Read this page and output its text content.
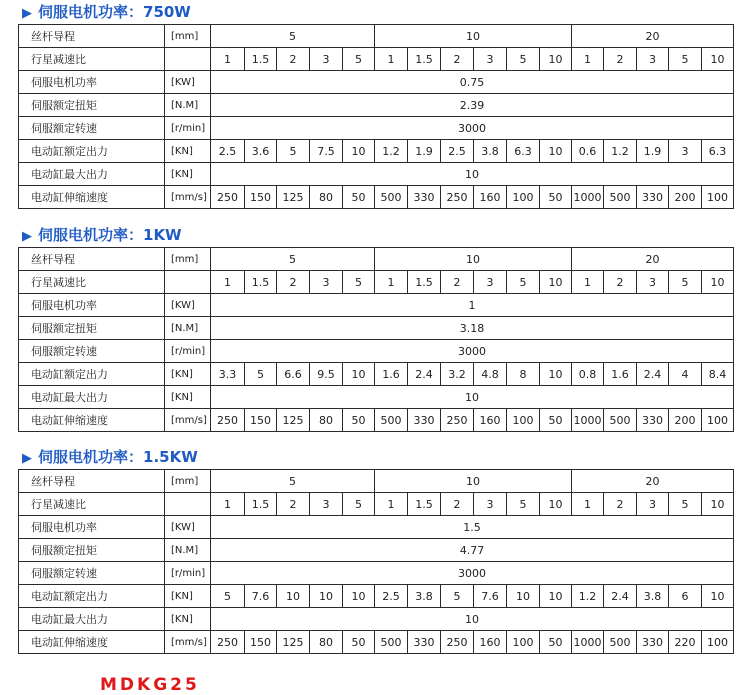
▶ 伺服电机功率：750W
丝杆导程	[mm]	5					10						20				
行星减速比		1	1.5	2	3	5	1	1.5	2	3	5	10	1	2	3	5	10
伺服电机功率	[KW]	0.75															
伺服额定扭矩	[N.M]	2.39															
伺服额定转速	[r/min]	3000															
电动缸额定出力	[KN]	2.5	3.6	5	7.5	10	1.2	1.9	2.5	3.8	6.3	10	0.6	1.2	1.9	3	6.3
电动缸最大出力	[KN]	10															
电动缸伸缩速度	[mm/s]	250	150	125	80	50	500	330	250	160	100	50	1000	500	330	200	100
▶ 伺服电机功率：1KW
丝杆导程	[mm]	5					10						20				
行星减速比		1	1.5	2	3	5	1	1.5	2	3	5	10	1	2	3	5	10
伺服电机功率	[KW]	1															
伺服额定扭矩	[N.M]	3.18															
伺服额定转速	[r/min]	3000															
电动缸额定出力	[KN]	3.3	5	6.6	9.5	10	1.6	2.4	3.2	4.8	8	10	0.8	1.6	2.4	4	8.4
电动缸最大出力	[KN]	10															
电动缸伸缩速度	[mm/s]	250	150	125	80	50	500	330	250	160	100	50	1000	500	330	200	100
▶ 伺服电机功率：1.5KW
丝杆导程	[mm]	5					10						20				
行星减速比		1	1.5	2	3	5	1	1.5	2	3	5	10	1	2	3	5	10
伺服电机功率	[KW]	1.5															
伺服额定扭矩	[N.M]	4.77															
伺服额定转速	[r/min]	3000															
电动缸额定出力	[KN]	5	7.6	10	10	10	2.5	3.8	5	7.6	10	10	1.2	2.4	3.8	6	10
电动缸最大出力	[KN]	10															
电动缸伸缩速度	[mm/s]	250	150	125	80	50	500	330	250	160	100	50	1000	500	330	220	100
MDKG25
